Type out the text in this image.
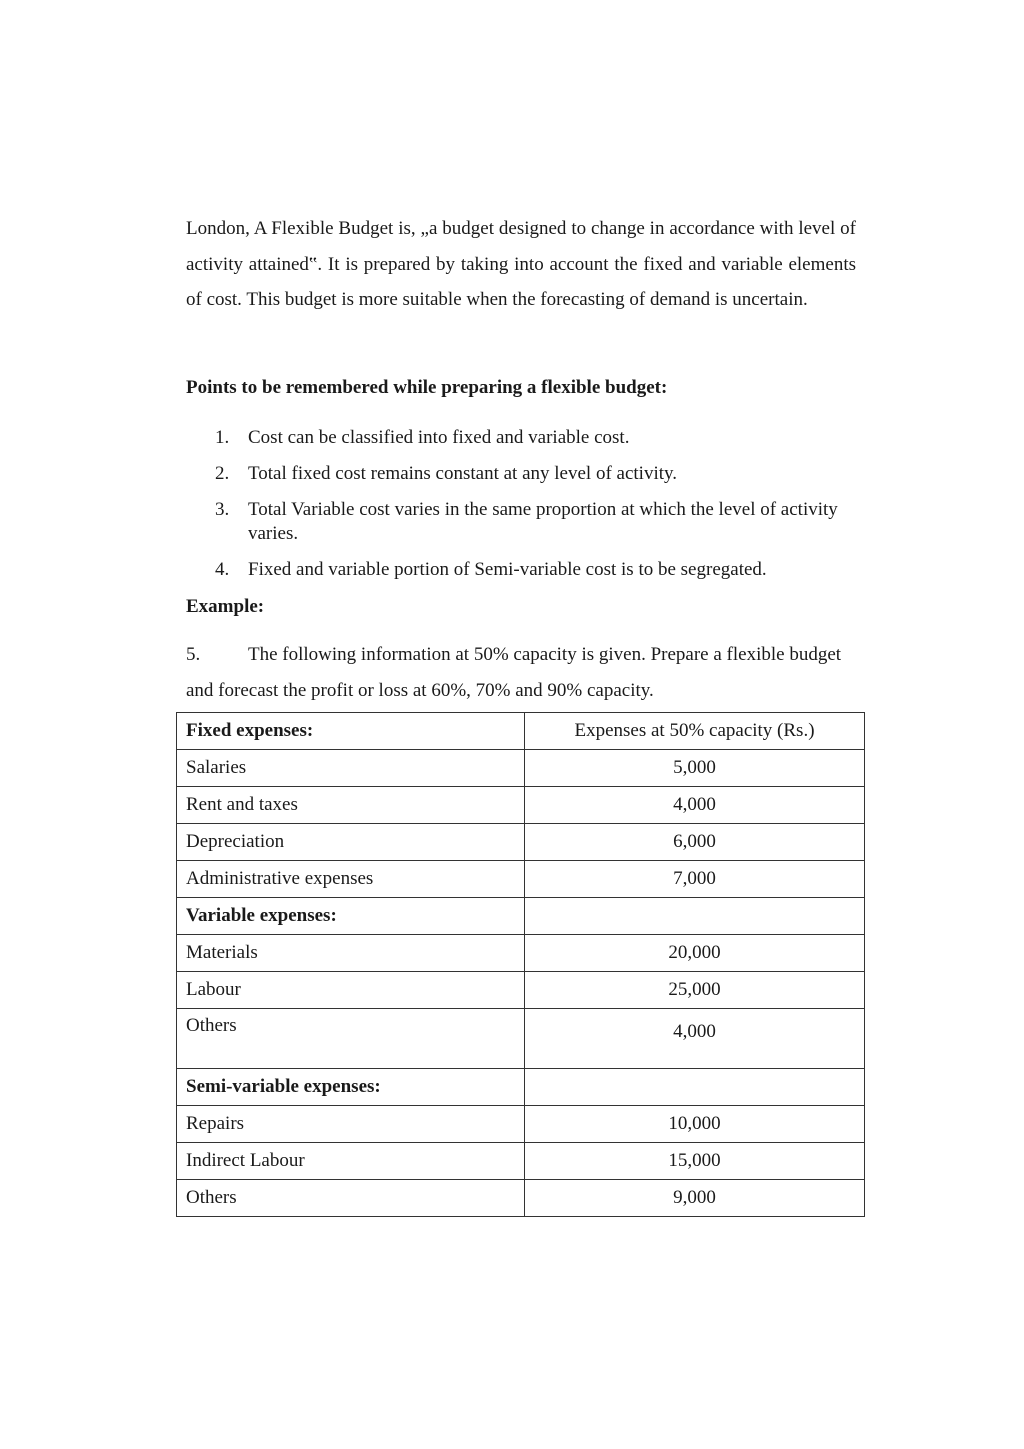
London, A Flexible Budget is, „a budget designed to change in accordance with level of activity attained‟. It is prepared by taking into account the fixed and variable elements of cost. This budget is more suitable when the forecasting of demand is uncertain.

Points to be remembered while preparing a flexible budget:

1. Cost can be classified into fixed and variable cost.
2. Total fixed cost remains constant at any level of activity.
3. Total Variable cost varies in the same proportion at which the level of activity varies.
4. Fixed and variable portion of Semi-variable cost is to be segregated.

Example:

5.	The following information at 50% capacity is given. Prepare a flexible budget and forecast the profit or loss at 60%, 70% and 90% capacity.

Fixed expenses:	Expenses at 50% capacity (Rs.)
Salaries	5,000
Rent and taxes	4,000
Depreciation	6,000
Administrative expenses	7,000
Variable expenses:	
Materials	20,000
Labour	25,000
Others	4,000
Semi-variable expenses:	
Repairs	10,000
Indirect Labour	15,000
Others	9,000
